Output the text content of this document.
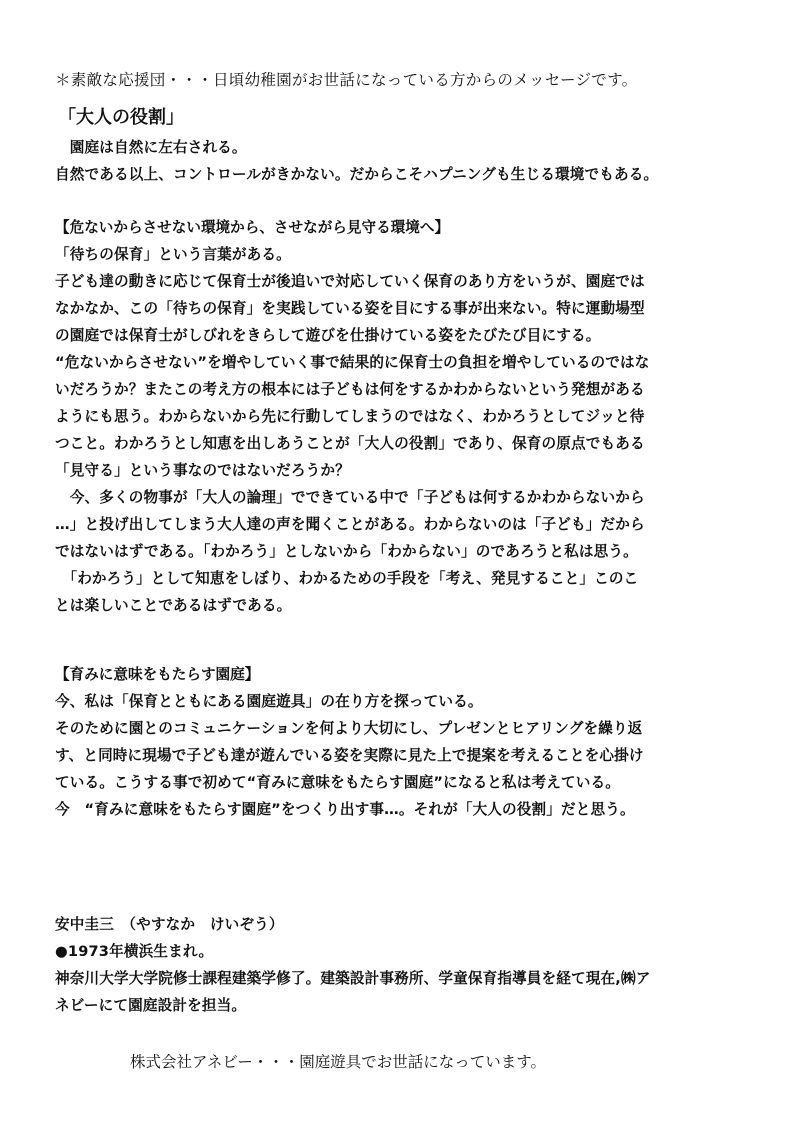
＊素敵な応援団・・・日頃幼稚園がお世話になっている方からのメッセージです。
「大人の役割」
　園庭は自然に左右される。
自然である以上、コントロールがきかない。だからこそハプニングも生じる環境でもある。
【危ないからさせない環境から、させながら見守る環境へ】
「待ちの保育」という言葉がある。
子ども達の動きに応じて保育士が後追いで対応していく保育のあり方をいうが、園庭では
なかなか、この「待ちの保育」を実践している姿を目にする事が出来ない。特に運動場型
の園庭では保育士がしびれをきらして遊びを仕掛けている姿をたびたび目にする。
“危ないからさせない”を増やしていく事で結果的に保育士の負担を増やしているのではな
いだろうか？またこの考え方の根本には子どもは何をするかわからないという発想がある
ようにも思う。わからないから先に行動してしまうのではなく、わかろうとしてジッと待
つこと。わかろうとし知恵を出しあうことが「大人の役割」であり、保育の原点でもある
「見守る」という事なのではないだろうか？
　今、多くの物事が「大人の論理」でできている中で「子どもは何するかわからないから
…」と投げ出してしまう大人達の声を聞くことがある。わからないのは「子ども」だから
ではないはずである。「わかろう」としないから「わからない」のであろうと私は思う。
　「わかろう」として知恵をしぼり、わかるための手段を「考え、発見すること」このこ
とは楽しいことであるはずである。
【育みに意味をもたらす園庭】
今、私は「保育とともにある園庭遊具」の在り方を探っている。
そのために園とのコミュニケーションを何より大切にし、プレゼンとヒアリングを繰り返
す、と同時に現場で子ども達が遊んでいる姿を実際に見た上で提案を考えることを心掛け
ている。こうする事で初めて“育みに意味をもたらす園庭”になると私は考えている。
今　“育みに意味をもたらす園庭”をつくり出す事…。それが「大人の役割」だと思う。
安中圭三　（やすなか　けいぞう）
●1973年横浜生まれ。
神奈川大学大学院修士課程建築学修了。建築設計事務所、学童保育指導員を経て現在,㈱ア
ネビーにて園庭設計を担当。
株式会社アネビー・・・園庭遊具でお世話になっています。
